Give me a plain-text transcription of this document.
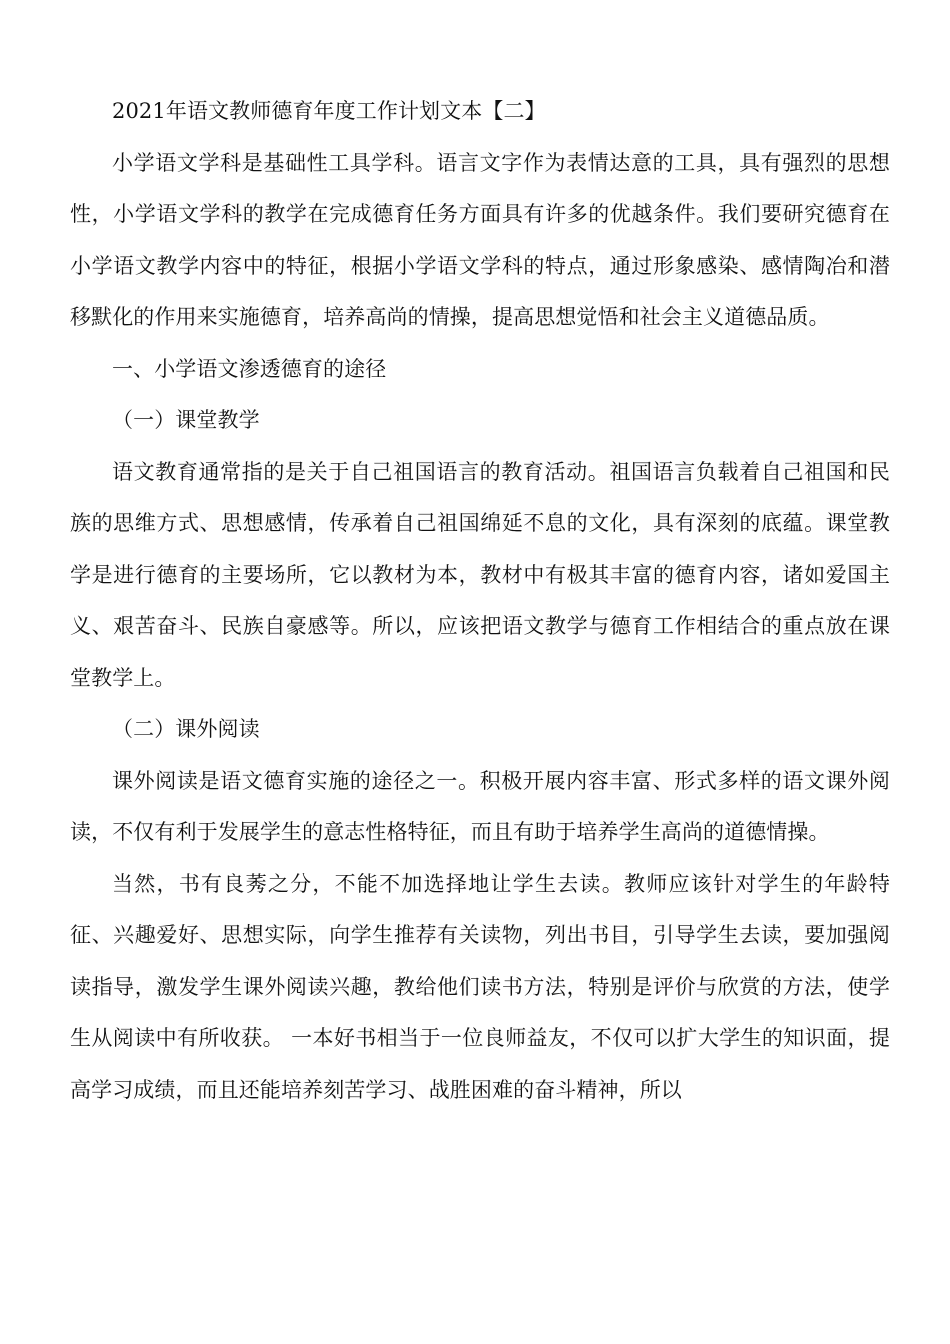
2021年语文教师德育年度工作计划文本【二】

小学语文学科是基础性工具学科。语言文字作为表情达意的工具，具有强烈的思想性，小学语文学科的教学在完成德育任务方面具有许多的优越条件。我们要研究德育在小学语文教学内容中的特征，根据小学语文学科的特点，通过形象感染、感情陶冶和潜移默化的作用来实施德育，培养高尚的情操，提高思想觉悟和社会主义道德品质。

一、小学语文渗透德育的途径

（一）课堂教学

语文教育通常指的是关于自己祖国语言的教育活动。祖国语言负载着自己祖国和民族的思维方式、思想感情，传承着自己祖国绵延不息的文化，具有深刻的底蕴。课堂教学是进行德育的主要场所，它以教材为本，教材中有极其丰富的德育内容，诸如爱国主义、艰苦奋斗、民族自豪感等。所以，应该把语文教学与德育工作相结合的重点放在课堂教学上。

（二）课外阅读

课外阅读是语文德育实施的途径之一。积极开展内容丰富、形式多样的语文课外阅读，不仅有利于发展学生的意志性格特征，而且有助于培养学生高尚的道德情操。

当然，书有良莠之分，不能不加选择地让学生去读。教师应该针对学生的年龄特征、兴趣爱好、思想实际，向学生推荐有关读物，列出书目，引导学生去读，要加强阅读指导，激发学生课外阅读兴趣，教给他们读书方法，特别是评价与欣赏的方法，使学生从阅读中有所收获。 一本好书相当于一位良师益友，不仅可以扩大学生的知识面，提高学习成绩，而且还能培养刻苦学习、战胜困难的奋斗精神，所以
